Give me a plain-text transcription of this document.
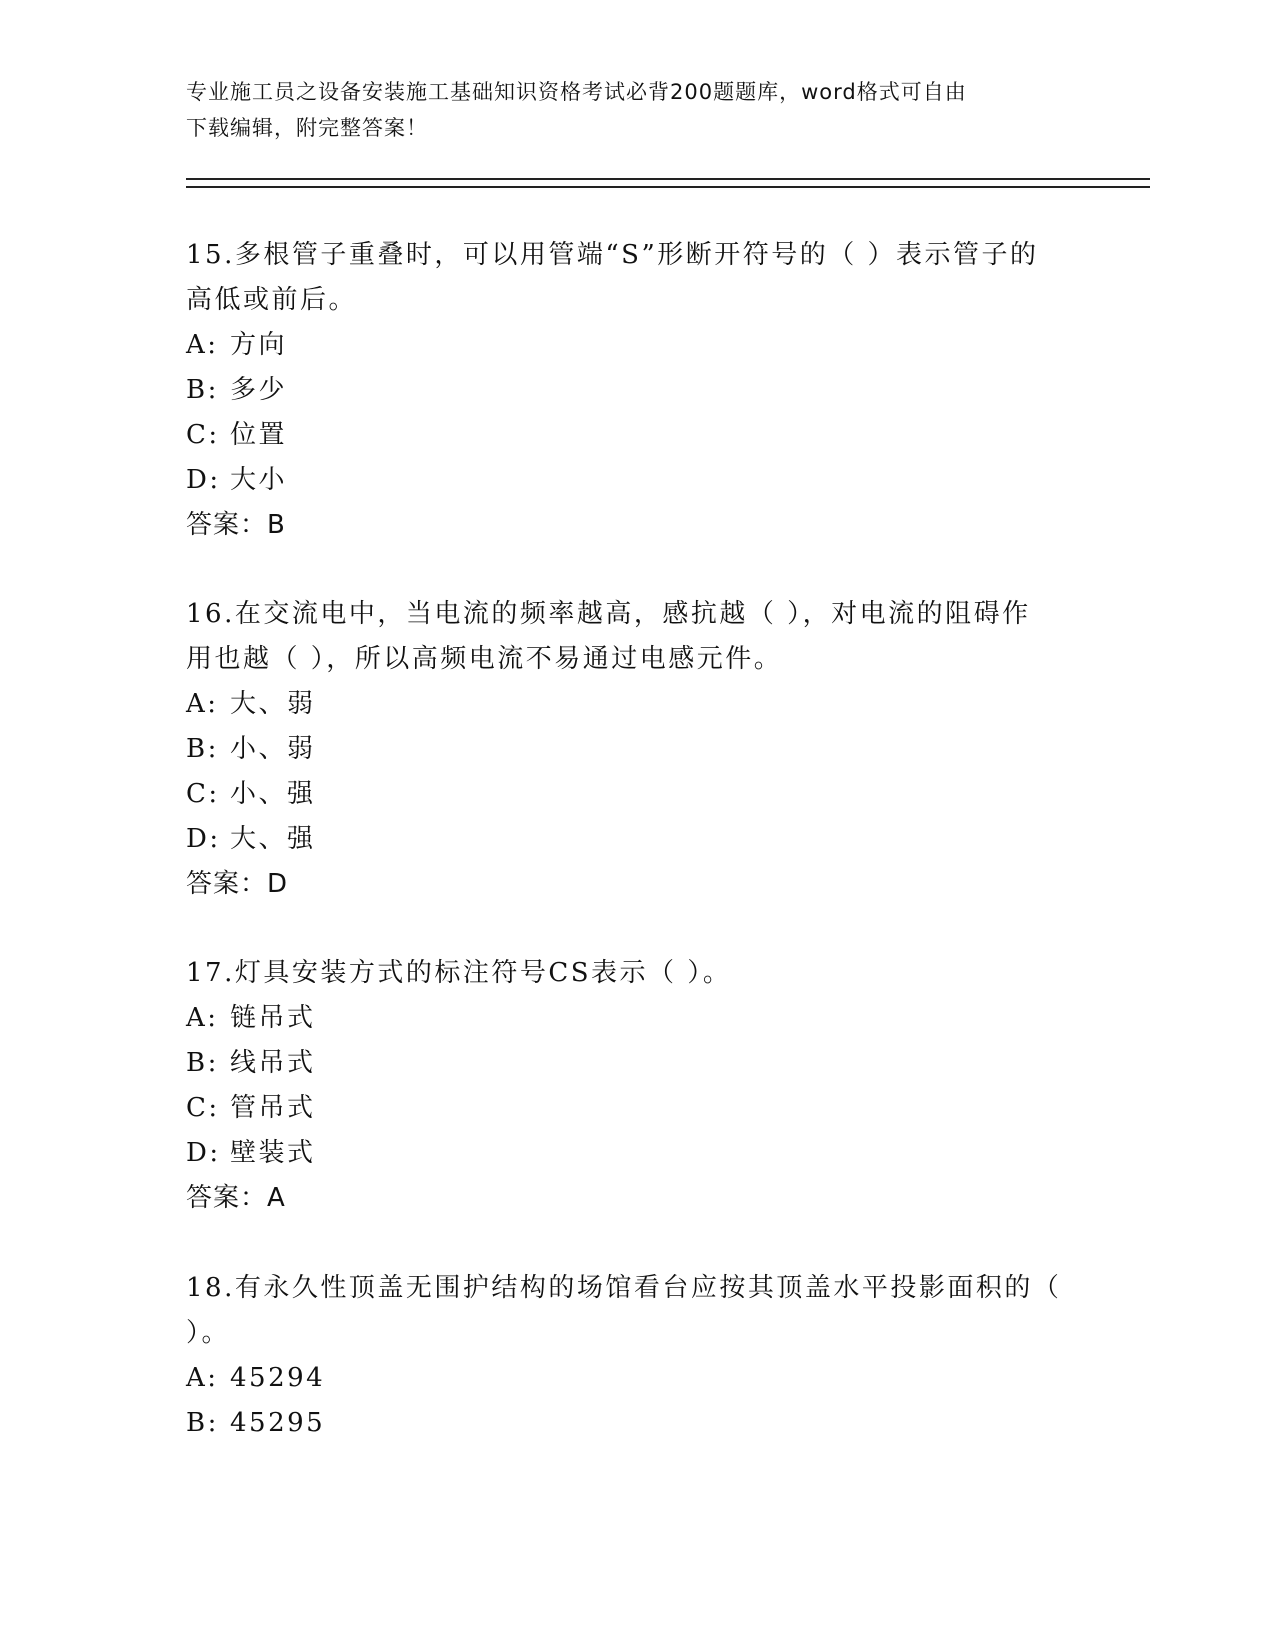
专业施工员之设备安装施工基础知识资格考试必背200题题库，word格式可自由
下载编辑，附完整答案！
15.多根管子重叠时，可以用管端“S”形断开符号的（ ）表示管子的
高低或前后。
A: 方向
B: 多少
C: 位置
D: 大小
答案：B
16.在交流电中，当电流的频率越高，感抗越（ ），对电流的阻碍作
用也越（ ），所以高频电流不易通过电感元件。
A: 大、弱
B: 小、弱
C: 小、强
D: 大、强
答案：D
17.灯具安装方式的标注符号CS表示（ ）。
A: 链吊式
B: 线吊式
C: 管吊式
D: 壁装式
答案：A
18.有永久性顶盖无围护结构的场馆看台应按其顶盖水平投影面积的（
）。
A: 45294
B: 45295
